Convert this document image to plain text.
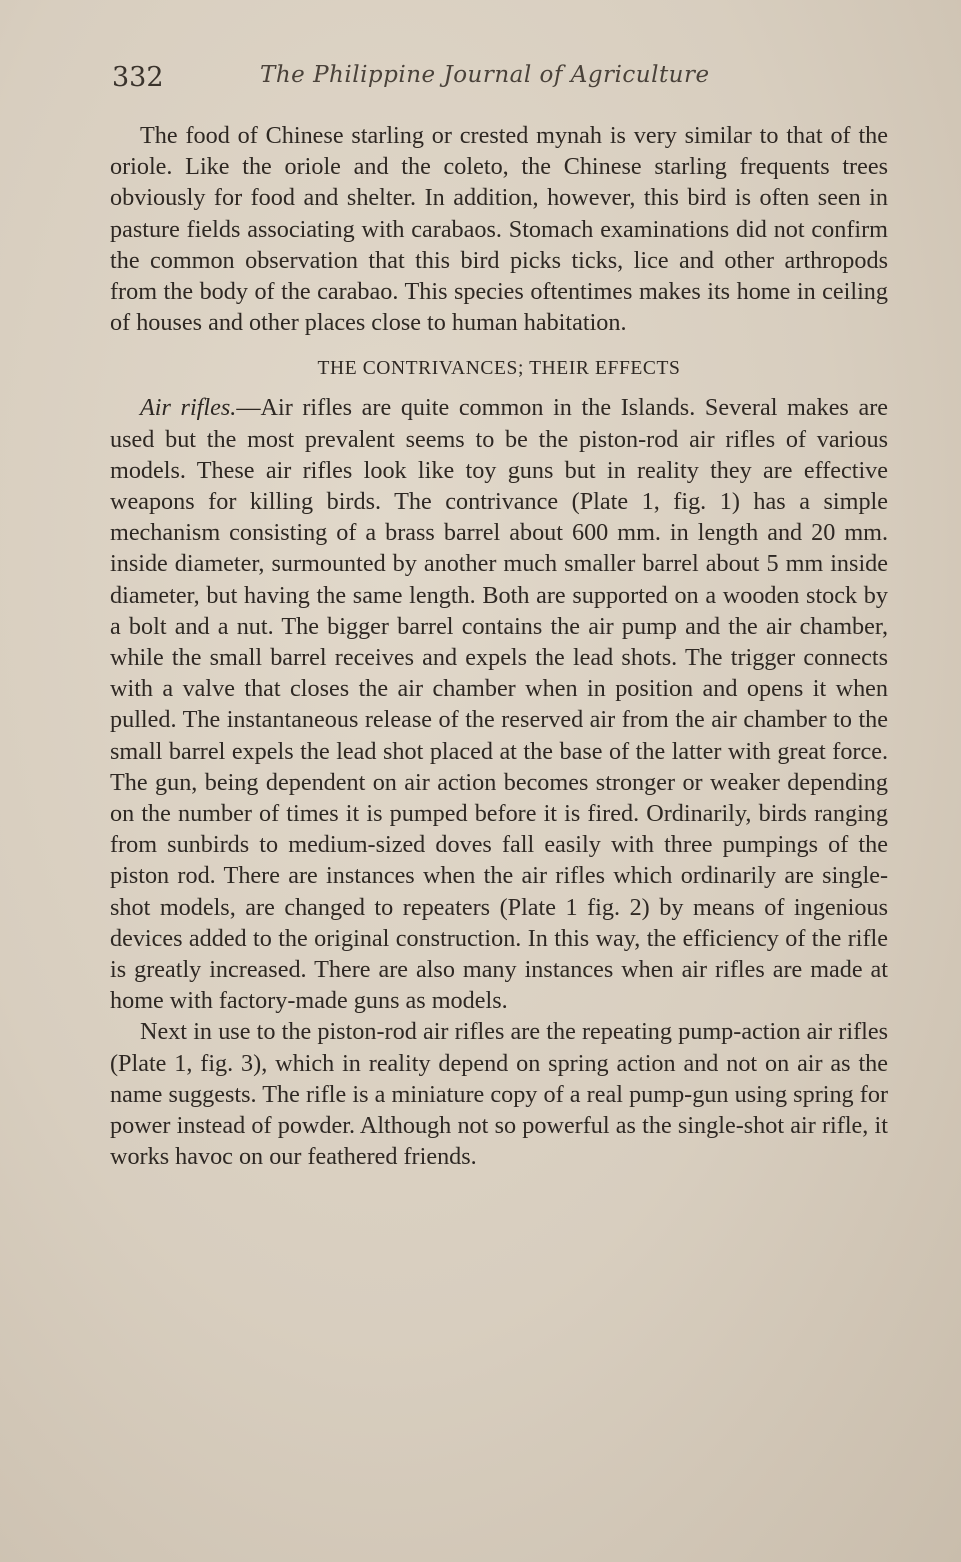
332	The Philippine Journal of Agriculture

The food of Chinese starling or crested mynah is very similar to that of the oriole. Like the oriole and the coleto, the Chinese starling frequents trees obviously for food and shelter. In addition, however, this bird is often seen in pasture fields associating with carabaos. Stomach examinations did not confirm the common observation that this bird picks ticks, lice and other arthropods from the body of the carabao. This species oftentimes makes its home in ceiling of houses and other places close to human habitation.

THE CONTRIVANCES; THEIR EFFECTS

Air rifles.—Air rifles are quite common in the Islands. Several makes are used but the most prevalent seems to be the piston-rod air rifles of various models. These air rifles look like toy guns but in reality they are effective weapons for killing birds. The contrivance (Plate 1, fig. 1) has a simple mechanism consisting of a brass barrel about 600 mm. in length and 20 mm. inside diameter, surmounted by another much smaller barrel about 5 mm inside diameter, but having the same length. Both are supported on a wooden stock by a bolt and a nut. The bigger barrel contains the air pump and the air chamber, while the small barrel receives and expels the lead shots. The trigger connects with a valve that closes the air chamber when in position and opens it when pulled. The instantaneous release of the reserved air from the air chamber to the small barrel expels the lead shot placed at the base of the latter with great force. The gun, being dependent on air action becomes stronger or weaker depending on the number of times it is pumped before it is fired. Ordinarily, birds ranging from sunbirds to medium-sized doves fall easily with three pumpings of the piston rod. There are instances when the air rifles which ordinarily are single-shot models, are changed to repeaters (Plate 1 fig. 2) by means of ingenious devices added to the original construction. In this way, the efficiency of the rifle is greatly increased. There are also many instances when air rifles are made at home with factory-made guns as models.

Next in use to the piston-rod air rifles are the repeating pump-action air rifles (Plate 1, fig. 3), which in reality depend on spring action and not on air as the name suggests. The rifle is a miniature copy of a real pump-gun using spring for power instead of powder. Although not so powerful as the single-shot air rifle, it works havoc on our feathered friends.
